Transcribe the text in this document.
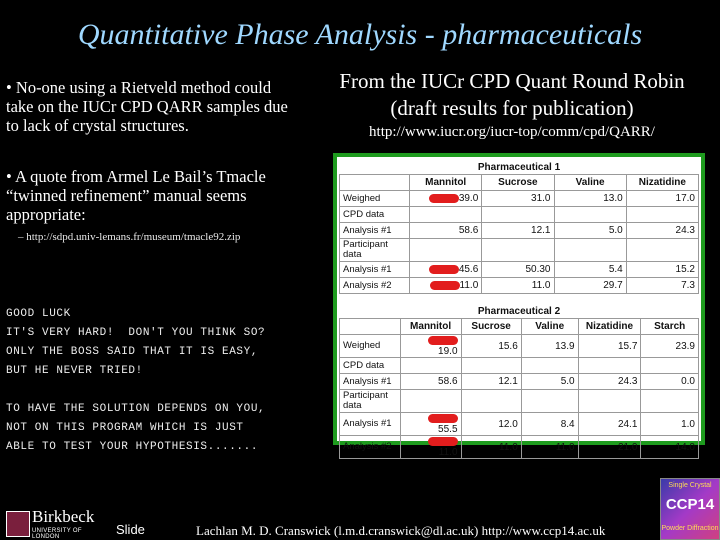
Quantitative Phase Analysis - pharmaceuticals

• No-one using a Rietveld method could take on the IUCr CPD QARR samples due to lack of crystal structures.

• A quote from Armel Le Bail’s Tmacle “twinned refinement” manual seems appropriate:

– http://sdpd.univ-lemans.fr/museum/tmacle92.zip
GOOD LUCK
IT'S VERY HARD!  DON'T YOU THINK SO?
ONLY THE BOSS SAID THAT IT IS EASY,
BUT HE NEVER TRIED!

TO HAVE THE SOLUTION DEPENDS ON YOU,
NOT ON THIS PROGRAM WHICH IS JUST
ABLE TO TEST YOUR HYPOTHESIS.......
From the IUCr CPD Quant Round Robin
(draft results for publication)
http://www.iucr.org/iucr-top/comm/cpd/QARR/
Pharmaceutical 1				
	Mannitol	Sucrose	Valine	Nizatidine
Weighed	39.0	31.0	13.0	17.0
CPD data				
Analysis #1	58.6	12.1	5.0	24.3
Participant data				
Analysis #1	45.6	50.30	5.4	15.2
Analysis #2	11.0	11.0	29.7	7.3
Pharmaceutical 2					
	Mannitol	Sucrose	Valine	Nizatidine	Starch
Weighed	19.0	15.6	13.9	15.7	23.9
CPD data					
Analysis #1	58.6	12.1	5.0	24.3	0.0
Participant data					
Analysis #1	55.5	12.0	8.4	24.1	1.0
Analysis #2	11.0	11.0	11.0	21.0	14.0
Birkbeck
UNIVERSITY OF LONDON	Slide	Lachlan M. D. Cranswick (l.m.d.cranswick@dl.ac.uk) http://www.ccp14.ac.uk
Single Crystal
CCP14
Powder Diffraction
